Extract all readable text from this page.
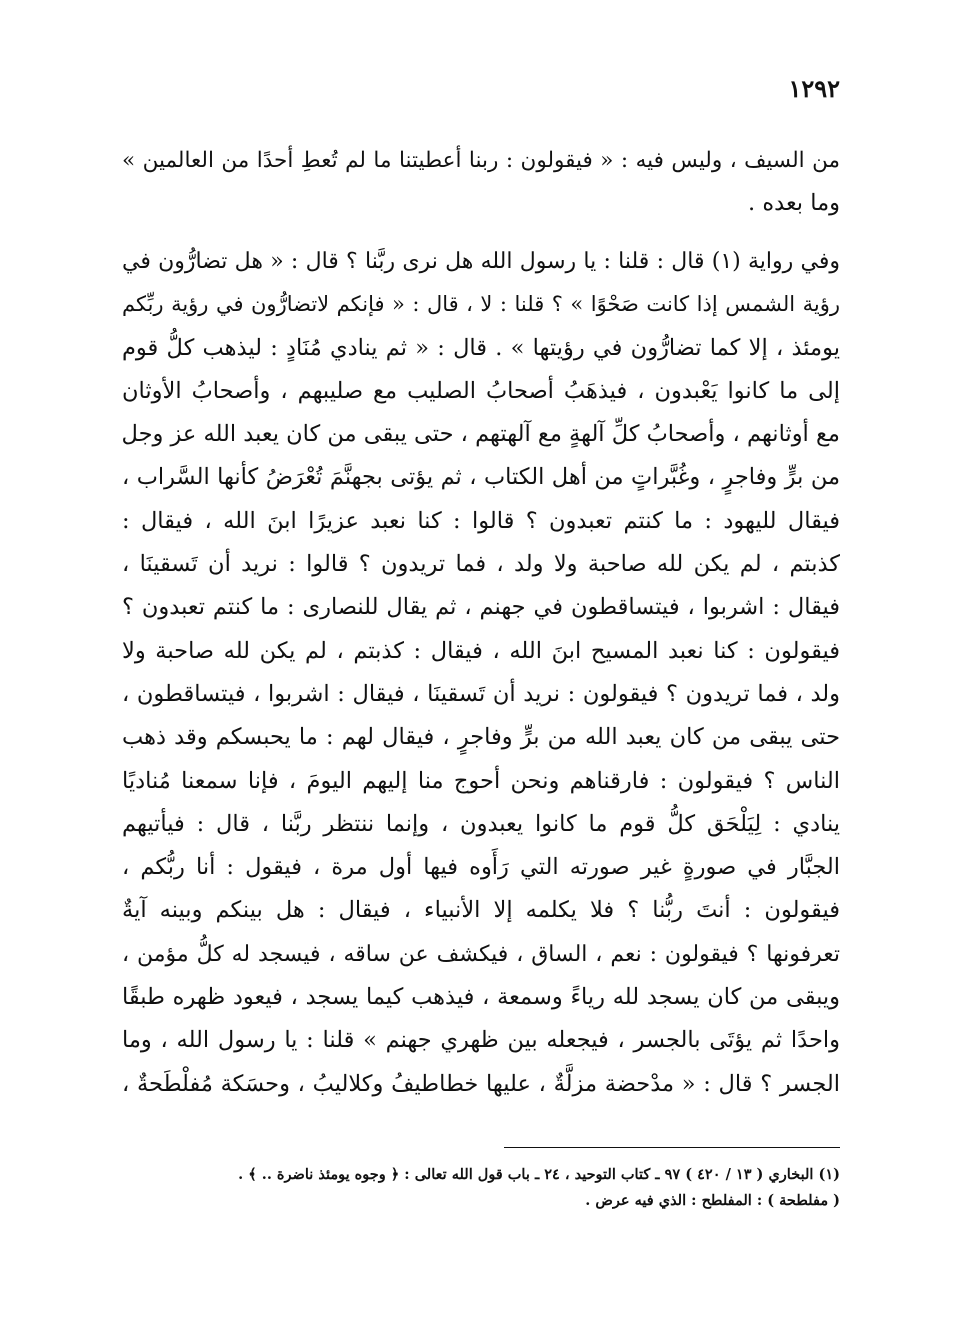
١٢٩٢
من السيف ، وليس فيه : « فيقولون : ربنا أعطيتنا ما لم تُعطِ أحدًا من العالمين »
وما بعده .
وفي رواية (١) قال : قلنا : يا رسول الله هل نرى ربَّنا ؟ قال : « هل تضارُّون في
رؤية الشمس إذا كانت صَحْوًا » ؟ قلنا : لا ، قال : « فإنكم لاتضارُّون في رؤية ربِّكم
يومئذ ، إلا كما تضارُّون في رؤيتها » . قال : « ثم ينادي مُنَادٍ : ليذهب كلُّ قوم
إلى ما كانوا يَعْبدون ، فيذهَبُ أصحابُ الصليب مع صليبهم ، وأصحابُ الأوثان
مع أوثانهم ، وأصحابُ كلِّ آلهةٍ مع آلهتهم ، حتى يبقى من كان يعبد الله عز وجل
من برٍّ وفاجرٍ ، وغُبَّراتٍ من أهل الكتاب ، ثم يؤتى بجهنَّمَ تُعْرَضُ كأنها السَّراب ،
فيقال لليهود : ما كنتم تعبدون ؟ قالوا : كنا نعبد عزيرًا ابنَ الله ، فيقال :
كذبتم ، لم يكن لله صاحبة ولا ولد ، فما تريدون ؟ قالوا : نريد أن تَسقينَا ،
فيقال : اشربوا ، فيتساقطون في جهنم ، ثم يقال للنصارى : ما كنتم تعبدون ؟
فيقولون : كنا نعبد المسيح ابنَ الله ، فيقال : كذبتم ، لم يكن لله صاحبة ولا
ولد ، فما تريدون ؟ فيقولون : نريد أن تَسقينَا ، فيقال : اشربوا ، فيتساقطون ،
حتى يبقى من كان يعبد الله من برٍّ وفاجرٍ ، فيقال لهم : ما يحبسكم وقد ذهب
الناس ؟ فيقولون : فارقناهم ونحن أحوج منا إليهم اليومَ ، فإنا سمعنا مُناديًا
ينادي : لِيَلْحَق كلُّ قوم ما كانوا يعبدون ، وإنما ننتظر ربَّنا ، قال : فيأتيهم
الجبَّار في صورةٍ غير صورته التي رَأَوه فيها أول مرة ، فيقول : أنا ربُّكم ،
فيقولون : أنتَ ربُّنا ؟ فلا يكلمه إلا الأنبياء ، فيقال : هل بينكم وبينه آيةٌ
تعرفونها ؟ فيقولون : نعم ، الساق ، فيكشف عن ساقه ، فيسجد له كلُّ مؤمن ،
ويبقى من كان يسجد لله رياءً وسمعة ، فيذهب كيما يسجد ، فيعود ظهره طبقًا
واحدًا ثم يؤتَى بالجسر ، فيجعله بين ظهري جهنم » قلنا : يا رسول الله ، وما
الجسر ؟ قال : « مدْحضة مزلَّةٌ ، عليها خطاطيفُ وكلاليبُ ، وحسَكة مُفلْطَحةٌ ،
(١) البخاري ( ١٣ / ٤٢٠ ) ٩٧ ـ كتاب التوحيد ، ٢٤ ـ باب قول الله تعالى : ﴿ وجوه يومئذ ناضرة .. ﴾ .
( مفلطحة ) : المفلطح : الذي فيه عرض .
